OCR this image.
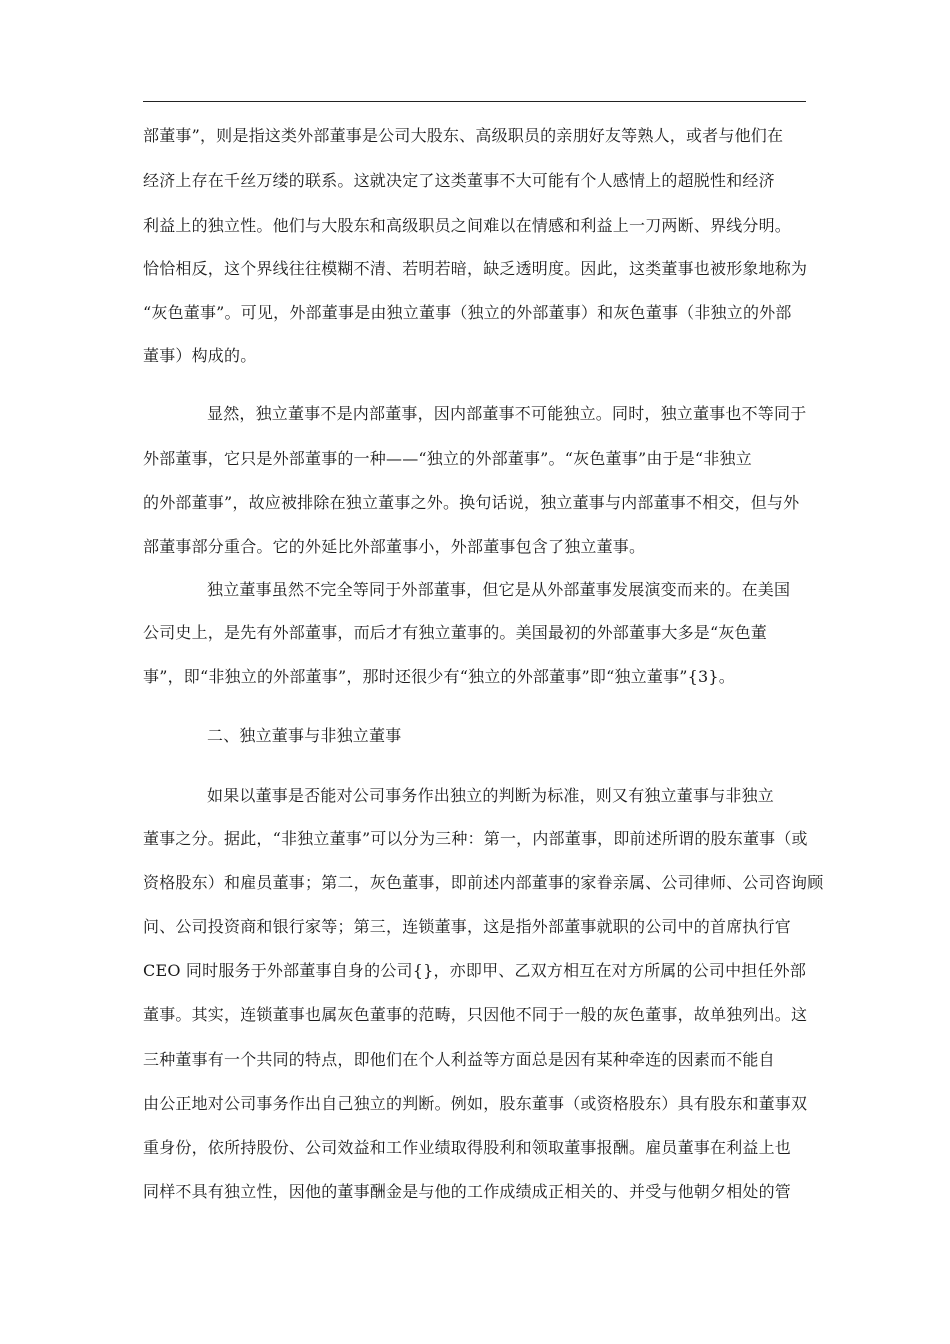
部董事”，则是指这类外部董事是公司大股东、高级职员的亲朋好友等熟人，或者与他们在
经济上存在千丝万缕的联系。这就决定了这类董事不大可能有个人感情上的超脱性和经济
利益上的独立性。他们与大股东和高级职员之间难以在情感和利益上一刀两断、界线分明。
恰恰相反，这个界线往往模糊不清、若明若暗，缺乏透明度。因此，这类董事也被形象地称为
“灰色董事”。可见，外部董事是由独立董事（独立的外部董事）和灰色董事（非独立的外部
董事）构成的。
显然，独立董事不是内部董事，因内部董事不可能独立。同时，独立董事也不等同于
外部董事，它只是外部董事的一种——“独立的外部董事”。“灰色董事”由于是“非独立
的外部董事”，故应被排除在独立董事之外。换句话说，独立董事与内部董事不相交，但与外
部董事部分重合。它的外延比外部董事小，外部董事包含了独立董事。
独立董事虽然不完全等同于外部董事，但它是从外部董事发展演变而来的。在美国
公司史上，是先有外部董事，而后才有独立董事的。美国最初的外部董事大多是“灰色董
事”，即“非独立的外部董事”，那时还很少有“独立的外部董事”即“独立董事”{3}。
二、独立董事与非独立董事
如果以董事是否能对公司事务作出独立的判断为标准，则又有独立董事与非独立
董事之分。据此，“非独立董事”可以分为三种：第一，内部董事，即前述所谓的股东董事（或
资格股东）和雇员董事；第二，灰色董事，即前述内部董事的家眷亲属、公司律师、公司咨询顾
问、公司投资商和银行家等；第三，连锁董事，这是指外部董事就职的公司中的首席执行官
CEO 同时服务于外部董事自身的公司{}，亦即甲、乙双方相互在对方所属的公司中担任外部
董事。其实，连锁董事也属灰色董事的范畴，只因他不同于一般的灰色董事，故单独列出。这
三种董事有一个共同的特点，即他们在个人利益等方面总是因有某种牵连的因素而不能自
由公正地对公司事务作出自己独立的判断。例如，股东董事（或资格股东）具有股东和董事双
重身份，依所持股份、公司效益和工作业绩取得股利和领取董事报酬。雇员董事在利益上也
同样不具有独立性，因他的董事酬金是与他的工作成绩成正相关的、并受与他朝夕相处的管
